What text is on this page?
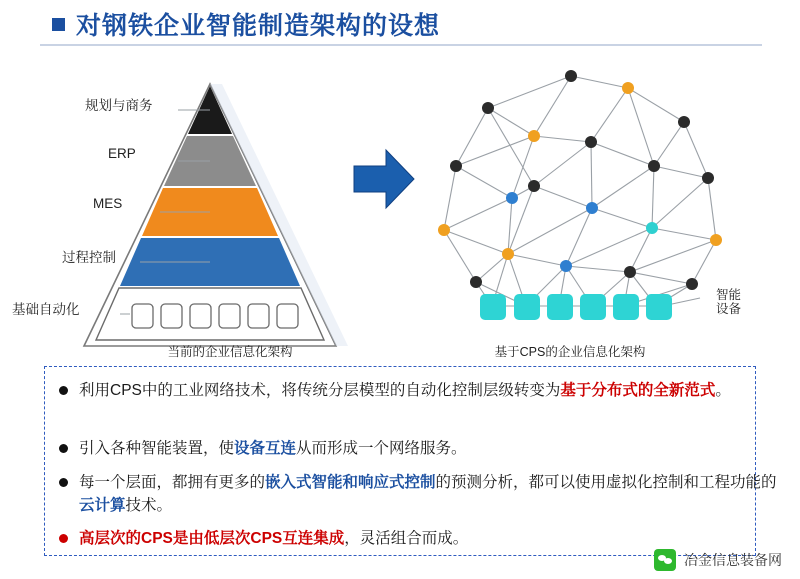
对钢铁企业智能制造架构的设想
规划与商务
ERP
MES
过程控制
基础自动化
当前的企业信息化架构
智能
设备
基于CPS的企业信息化架构
利用CPS中的工业网络技术，将传统分层模型的自动化控制层级转变为基于分布式的全新范式。
引入各种智能装置，使设备互连从而形成一个网络服务。
每一个层面，都拥有更多的嵌入式智能和响应式控制的预测分析，都可以使用虚拟化控制和工程功能的云计算技术。
高层次的CPS是由低层次CPS互连集成，灵活组合而成。
冶金信息装备网
